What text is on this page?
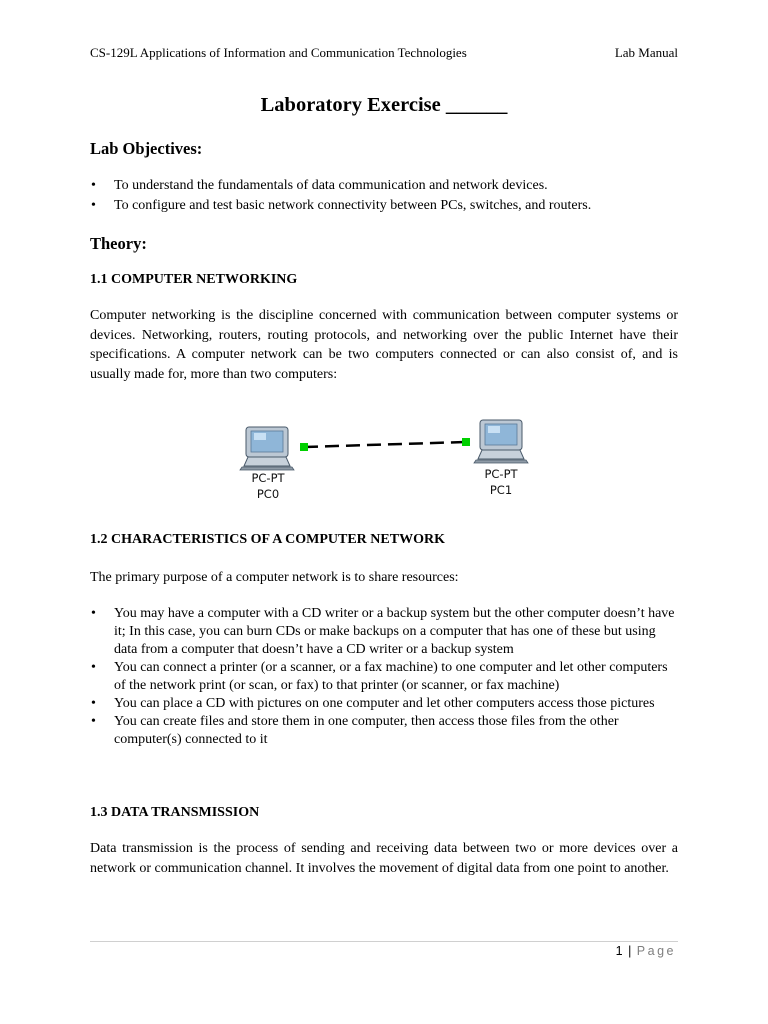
CS-129L Applications of Information and Communication Technologies	Lab Manual
Laboratory Exercise ______
Lab Objectives:
• To understand the fundamentals of data communication and network devices.
• To configure and test basic network connectivity between PCs, switches, and routers.
Theory:
1.1 COMPUTER NETWORKING

Computer networking is the discipline concerned with communication between computer systems or devices. Networking, routers, routing protocols, and networking over the public Internet have their specifications. A computer network can be two computers connected or can also consist of, and is usually made for, more than two computers:

PC-PT
PC0
PC-PT
PC1
1.2 CHARACTERISTICS OF A COMPUTER NETWORK

The primary purpose of a computer network is to share resources:

• You may have a computer with a CD writer or a backup system but the other computer doesn’t have it; In this case, you can burn CDs or make backups on a computer that has one of these but using data from a computer that doesn’t have a CD writer or a backup system
• You can connect a printer (or a scanner, or a fax machine) to one computer and let other computers of the network print (or scan, or fax) to that printer (or scanner, or fax machine)
• You can place a CD with pictures on one computer and let other computers access those pictures
• You can create files and store them in one computer, then access those files from the other computer(s) connected to it
1.3 DATA TRANSMISSION

Data transmission is the process of sending and receiving data between two or more devices over a network or communication channel. It involves the movement of digital data from one point to another.

1 | Page
